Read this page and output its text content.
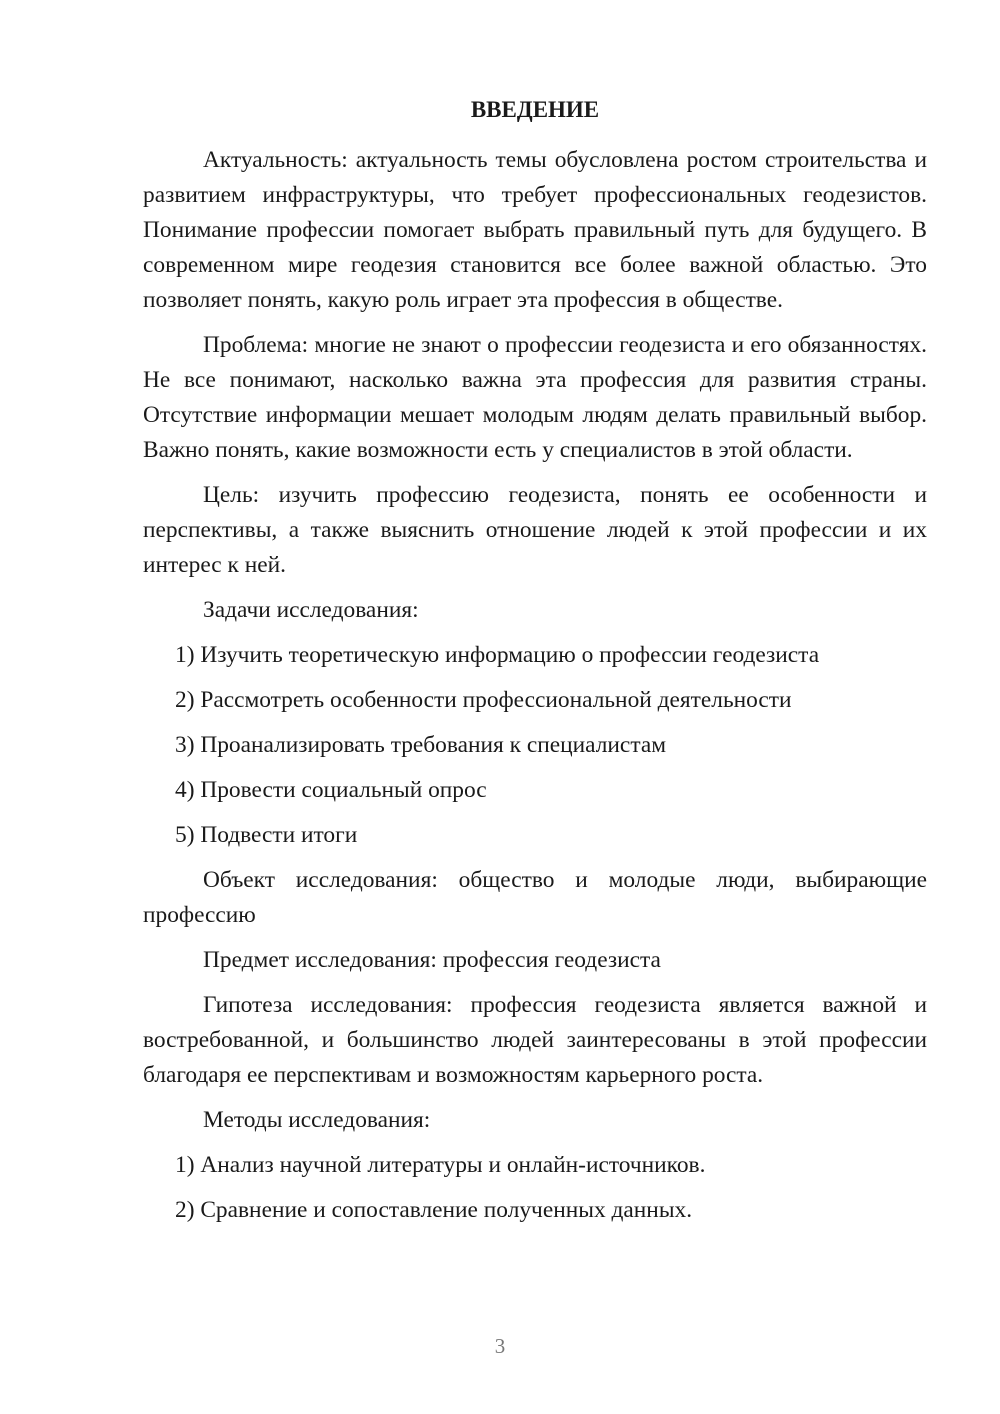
ВВЕДЕНИЕ

Актуальность: актуальность темы обусловлена ростом строительства и развитием инфраструктуры, что требует профессиональных геодезистов. Понимание профессии помогает выбрать правильный путь для будущего. В современном мире геодезия становится все более важной областью. Это позволяет понять, какую роль играет эта профессия в обществе.

Проблема: многие не знают о профессии геодезиста и его обязанностях. Не все понимают, насколько важна эта профессия для развития страны. Отсутствие информации мешает молодым людям делать правильный выбор. Важно понять, какие возможности есть у специалистов в этой области.

Цель: изучить профессию геодезиста, понять ее особенности и перспективы, а также выяснить отношение людей к этой профессии и их интерес к ней.

Задачи исследования:

1) Изучить теоретическую информацию о профессии геодезиста

2) Рассмотреть особенности профессиональной деятельности

3) Проанализировать требования к специалистам

4) Провести социальный опрос

5) Подвести итоги

Объект исследования: общество и молодые люди, выбирающие профессию

Предмет исследования: профессия геодезиста

Гипотеза исследования: профессия геодезиста является важной и востребованной, и большинство людей заинтересованы в этой профессии благодаря ее перспективам и возможностям карьерного роста.

Методы исследования:

1) Анализ научной литературы и онлайн-источников.

2) Сравнение и сопоставление полученных данных.

3
